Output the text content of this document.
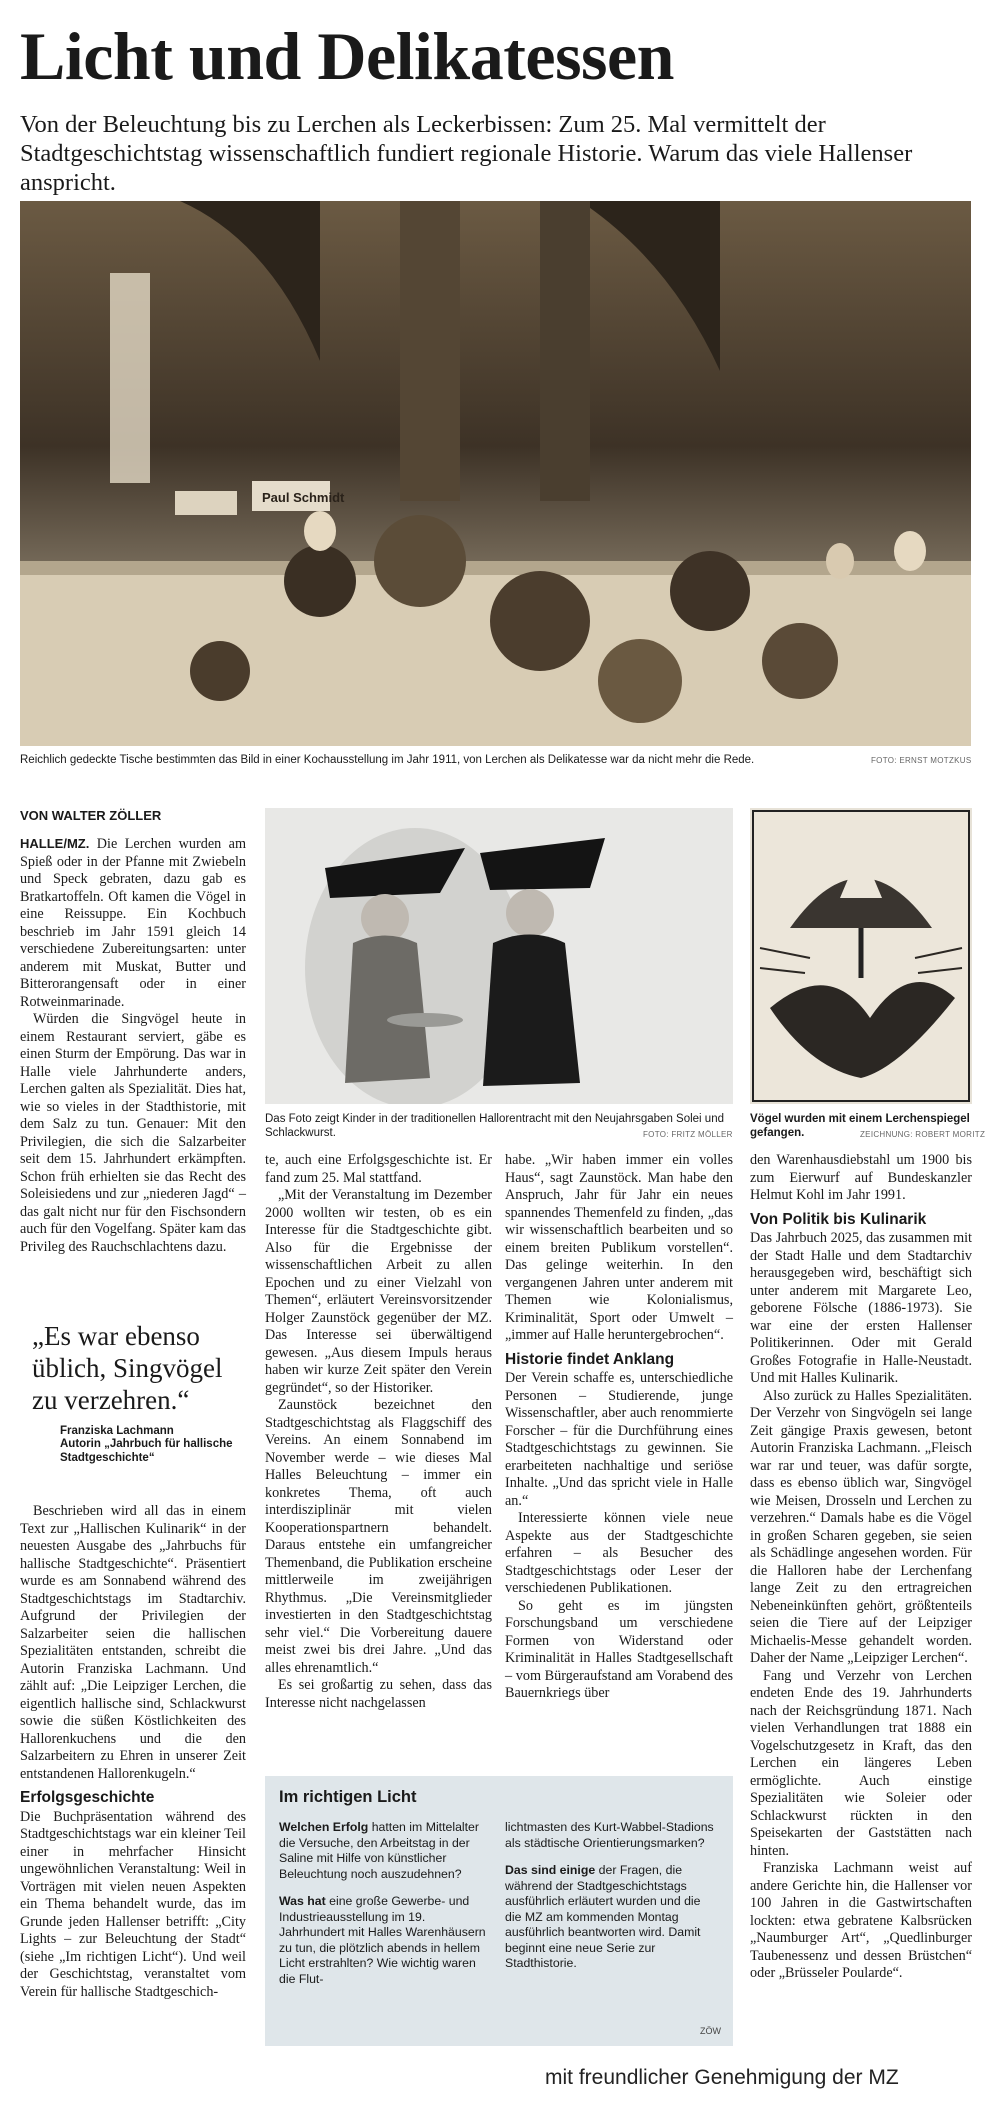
Licht und Delikatessen
Von der Beleuchtung bis zu Lerchen als Leckerbissen: Zum 25. Mal vermittelt der Stadtgeschichtstag wissenschaftlich fundiert regionale Historie. Warum das viele Hallenser anspricht.
Paul Schmidt
Reichlich gedeckte Tische bestimmten das Bild in einer Kochausstellung im Jahr 1911, von Lerchen als Delikatesse war da nicht mehr die Rede.	FOTO: ERNST MOTZKUS
VON WALTER ZÖLLER
Das Foto zeigt Kinder in der traditionellen Hallorentracht mit den Neujahrsgaben Solei und Schlackwurst.	FOTO: FRITZ MÖLLER
Vögel wurden mit einem Lerchenspiegel gefangen.	ZEICHNUNG: ROBERT MORITZ

HALLE/MZ. Die Lerchen wurden am Spieß oder in der Pfanne mit Zwiebeln und Speck gebraten, dazu gab es Bratkartoffeln. Oft kamen die Vögel in eine Reissuppe. Ein Kochbuch beschrieb im Jahr 1591 gleich 14 verschiedene Zubereitungsarten: unter anderem mit Muskat, Butter und Bitterorangensaft oder in einer Rotweinmarinade.

Würden die Singvögel heute in einem Restaurant serviert, gäbe es einen Sturm der Empörung. Das war in Halle viele Jahrhunderte anders, Lerchen galten als Spezialität. Dies hat, wie so vieles in der Stadthistorie, mit dem Salz zu tun. Genauer: Mit den Privilegien, die sich die Salzarbeiter seit dem 15. Jahrhundert erkämpften. Schon früh erhielten sie das Recht des Soleisiedens und zur „niederen Jagd“ – das galt nicht nur für den Fischsondern auch für den Vogelfang. Später kam das Privileg des Rauchschlachtens dazu.

„Es war ebenso üblich, Singvögel zu verzehren.“
Franziska Lachmann
Autorin „Jahrbuch für hallische Stadtgeschichte“

Beschrieben wird all das in einem Text zur „Hallischen Kulinarik“ in der neuesten Ausgabe des „Jahrbuchs für hallische Stadtgeschichte“. Präsentiert wurde es am Sonnabend während des Stadtgeschichtstags im Stadtarchiv. Aufgrund der Privilegien der Salzarbeiter seien die hallischen Spezialitäten entstanden, schreibt die Autorin Franziska Lachmann. Und zählt auf: „Die Leipziger Lerchen, die eigentlich hallische sind, Schlackwurst sowie die süßen Köstlichkeiten des Hallorenkuchens und die den Salzarbeitern zu Ehren in unserer Zeit entstandenen Hallorenkugeln.“

Erfolgsgeschichte

Die Buchpräsentation während des Stadtgeschichtstags war ein kleiner Teil einer in mehrfacher Hinsicht ungewöhnlichen Veranstaltung: Weil in Vorträgen mit vielen neuen Aspekten ein Thema behandelt wurde, das im Grunde jeden Hallenser betrifft: „City Lights – zur Beleuchtung der Stadt“ (siehe „Im richtigen Licht“). Und weil der Geschichtstag, veranstaltet vom Verein für hallische Stadtgeschich-

te, auch eine Erfolgsgeschichte ist. Er fand zum 25. Mal stattfand.

„Mit der Veranstaltung im Dezember 2000 wollten wir testen, ob es ein Interesse für die Stadtgeschichte gibt. Also für die Ergebnisse der wissenschaftlichen Arbeit zu allen Epochen und zu einer Vielzahl von Themen“, erläutert Vereinsvorsitzender Holger Zaunstöck gegenüber der MZ. Das Interesse sei überwältigend gewesen. „Aus diesem Impuls heraus haben wir kurze Zeit später den Verein gegründet“, so der Historiker.

Zaunstöck bezeichnet den Stadtgeschichtstag als Flaggschiff des Vereins. An einem Sonnabend im November werde – wie dieses Mal Halles Beleuchtung – immer ein konkretes Thema, oft auch interdisziplinär mit vielen Kooperationspartnern behandelt. Daraus entstehe ein umfangreicher Themenband, die Publikation erscheine mittlerweile im zweijährigen Rhythmus. „Die Vereinsmitglieder investierten in den Stadtgeschichtstag sehr viel.“ Die Vorbereitung dauere meist zwei bis drei Jahre. „Und das alles ehrenamtlich.“

Es sei großartig zu sehen, dass das Interesse nicht nachgelassen

habe. „Wir haben immer ein volles Haus“, sagt Zaunstöck. Man habe den Anspruch, Jahr für Jahr ein neues spannendes Themenfeld zu finden, „das wir wissenschaftlich bearbeiten und so einem breiten Publikum vorstellen“. Das gelinge weiterhin. In den vergangenen Jahren unter anderem mit Themen wie Kolonialismus, Kriminalität, Sport oder Umwelt – „immer auf Halle heruntergebrochen“.

Historie findet Anklang

Der Verein schaffe es, unterschiedliche Personen – Studierende, junge Wissenschaftler, aber auch renommierte Forscher – für die Durchführung eines Stadtgeschichtstags zu gewinnen. Sie erarbeiteten nachhaltige und seriöse Inhalte. „Und das spricht viele in Halle an.“

Interessierte können viele neue Aspekte aus der Stadtgeschichte erfahren – als Besucher des Stadtgeschichtstags oder Leser der verschiedenen Publikationen.

So geht es im jüngsten Forschungsband um verschiedene Formen von Widerstand oder Kriminalität in Halles Stadtgesellschaft – vom Bürgeraufstand am Vorabend des Bauernkriegs über

den Warenhausdiebstahl um 1900 bis zum Eierwurf auf Bundeskanzler Helmut Kohl im Jahr 1991.

Von Politik bis Kulinarik

Das Jahrbuch 2025, das zusammen mit der Stadt Halle und dem Stadtarchiv herausgegeben wird, beschäftigt sich unter anderem mit Margarete Leo, geborene Fölsche (1886-1973). Sie war eine der ersten Hallenser Politikerinnen. Oder mit Gerald Großes Fotografie in Halle-Neustadt. Und mit Halles Kulinarik.

Also zurück zu Halles Spezialitäten. Der Verzehr von Singvögeln sei lange Zeit gängige Praxis gewesen, betont Autorin Franziska Lachmann. „Fleisch war rar und teuer, was dafür sorgte, dass es ebenso üblich war, Singvögel wie Meisen, Drosseln und Lerchen zu verzehren.“ Damals habe es die Vögel in großen Scharen gegeben, sie seien als Schädlinge angesehen worden. Für die Halloren habe der Lerchenfang lange Zeit zu den ertragreichen Nebeneinkünften gehört, größtenteils seien die Tiere auf der Leipziger Michaelis-Messe gehandelt worden. Daher der Name „Leipziger Lerchen“.

Fang und Verzehr von Lerchen endeten Ende des 19. Jahrhunderts nach der Reichsgründung 1871. Nach vielen Verhandlungen trat 1888 ein Vogelschutzgesetz in Kraft, das den Lerchen ein längeres Leben ermöglichte. Auch einstige Spezialitäten wie Soleier oder Schlackwurst rückten in den Speisekarten der Gaststätten nach hinten.

Franziska Lachmann weist auf andere Gerichte hin, die Hallenser vor 100 Jahren in die Gastwirtschaften lockten: etwa gebratene Kalbsrücken „Naumburger Art“, „Quedlinburger Taubenessenz und dessen Brüstchen“ oder „Brüsseler Poularde“.

Im richtigen Licht

Welchen Erfolg hatten im Mittelalter die Versuche, den Arbeitstag in der Saline mit Hilfe von künstlicher Beleuchtung noch auszudehnen?

Was hat eine große Gewerbe- und Industrieausstellung im 19. Jahrhundert mit Halles Warenhäusern zu tun, die plötzlich abends in hellem Licht erstrahlten? Wie wichtig waren die Flut-

lichtmasten des Kurt-Wabbel-Stadions als städtische Orientierungsmarken?

Das sind einige der Fragen, die während der Stadtgeschichtstags ausführlich erläutert wurden und die die MZ am kommenden Montag ausführlich beantworten wird. Damit beginnt eine neue Serie zur Stadthistorie.

ZÖW
mit freundlicher Genehmigung der MZ
